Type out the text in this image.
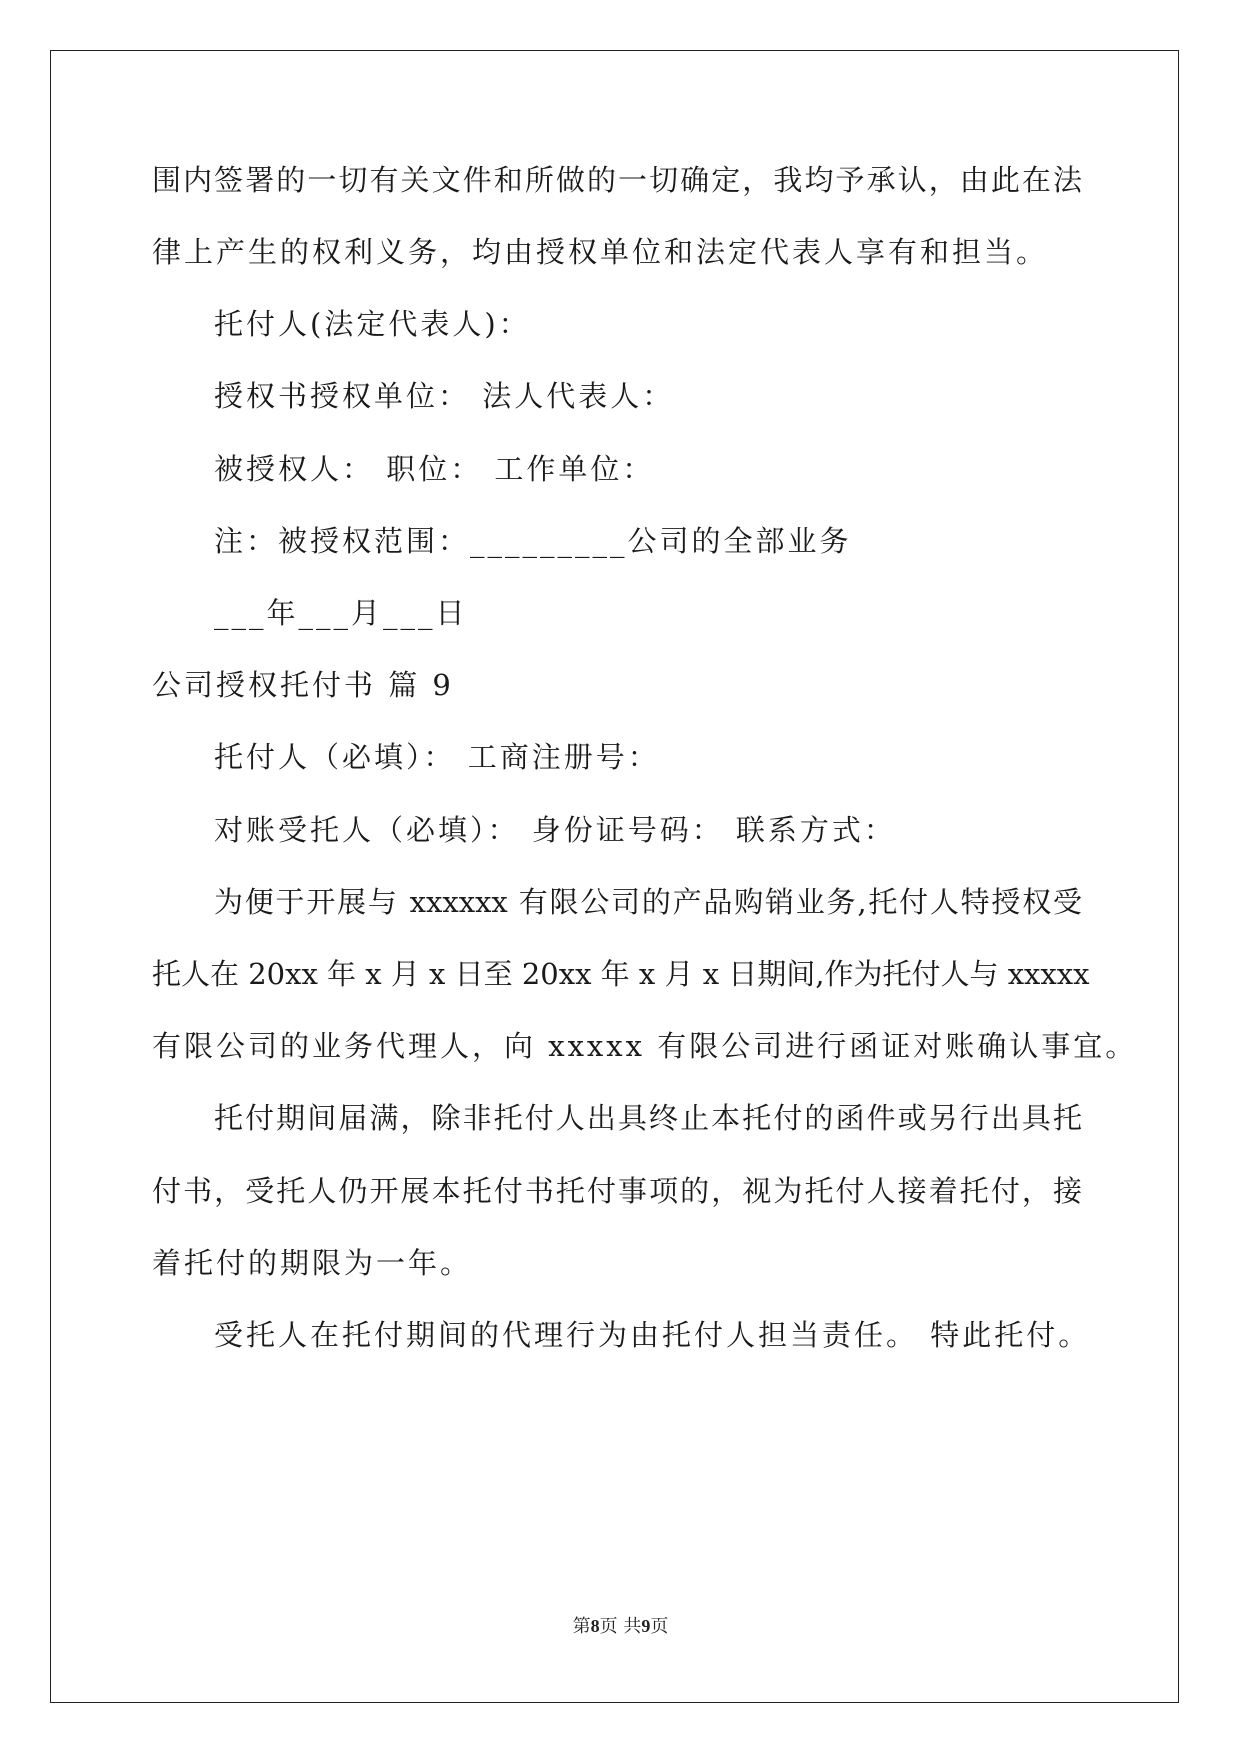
围内签署的一切有关文件和所做的一切确定，我均予承认，由此在法
律上产生的权利义务，均由授权单位和法定代表人享有和担当。
托付人(法定代表人)：
授权书授权单位： 法人代表人：
被授权人： 职位： 工作单位：
注：被授权范围：_________公司的全部业务
___年___月___日
公司授权托付书 篇 9
托付人（必填）： 工商注册号：
对账受托人（必填）： 身份证号码： 联系方式：
为便于开展与 xxxxxx 有限公司的产品购销业务,托付人特授权受
托人在 20xx 年 x 月 x 日至 20xx 年 x 月 x 日期间,作为托付人与 xxxxx
有限公司的业务代理人，向 xxxxx 有限公司进行函证对账确认事宜。
托付期间届满，除非托付人出具终止本托付的函件或另行出具托
付书，受托人仍开展本托付书托付事项的，视为托付人接着托付，接
着托付的期限为一年。
受托人在托付期间的代理行为由托付人担当责任。 特此托付。
第8页 共9页
